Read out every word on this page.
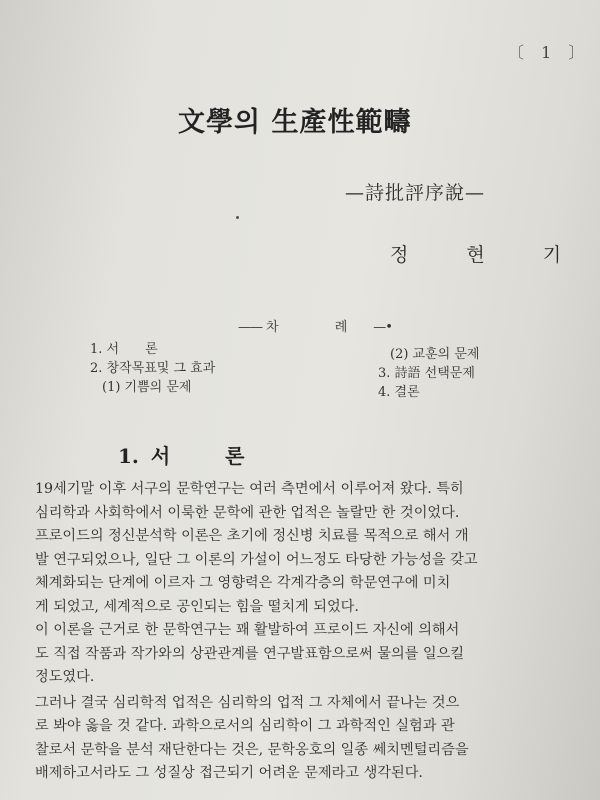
〔 1 〕
文學의 生產性範疇
—詩批評序說—
정 현 기
—— 차 례—•
1. 서　　론
2. 창작목표및 그 효과
(1) 기쁨의 문제
(2) 교훈의 문제
3. 詩語 선택문제
4. 결론
1. 서 론
19세기말 이후 서구의 문학연구는 여러 측면에서 이루어져 왔다. 특히
심리학과 사회학에서 이룩한 문학에 관한 업적은 놀랄만 한 것이었다.
프로이드의 정신분석학 이론은 초기에 정신병 치료를 목적으로 해서 개
발 연구되었으나, 일단 그 이론의 가설이 어느정도 타당한 가능성을 갖고
체계화되는 단계에 이르자 그 영향력은 각계각층의 학문연구에 미치
게 되었고, 세계적으로 공인되는 힘을 떨치게 되었다.
이 이론을 근거로 한 문학연구는 꽤 활발하여 프로이드 자신에 의해서
도 직접 작품과 작가와의 상관관계를 연구발표함으로써 물의를 일으킬
정도였다.
그러나 결국 심리학적 업적은 심리학의 업적 그 자체에서 끝나는 것으
로 봐야 옳을 것 같다. 과학으로서의 심리학이 그 과학적인 실험과 관
찰로서 문학을 분석 재단한다는 것은, 문학옹호의 일종 쎄치멘털리즘을
배제하고서라도 그 성질상 접근되기 어려운 문제라고 생각된다.
